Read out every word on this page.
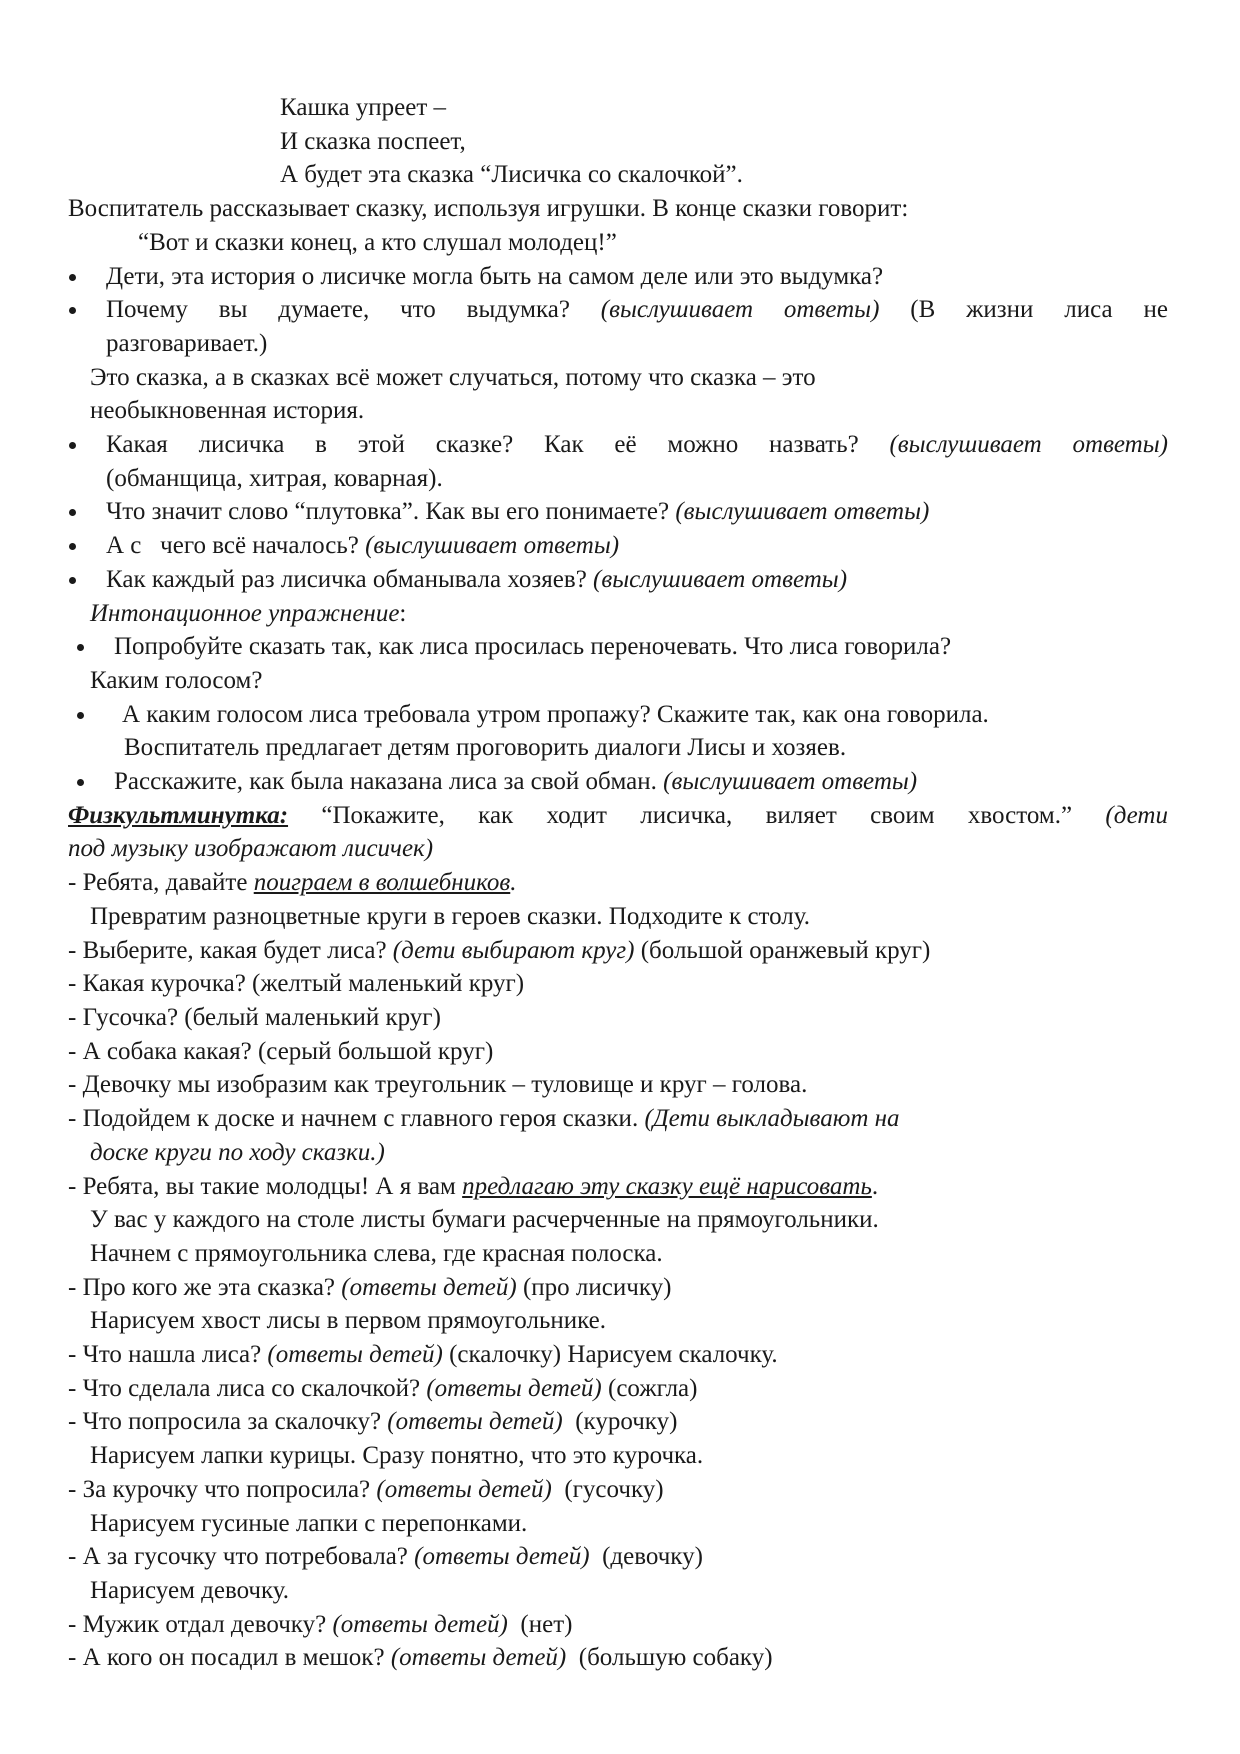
Кашка упреет –
И сказка поспеет,
А будет эта сказка “Лисичка со скалочкой”.
Воспитатель рассказывает сказку, используя игрушки. В конце сказки говорит:
“Вот и сказки конец, а кто слушал молодец!”
Дети, эта история о лисичке могла быть на самом деле или это выдумка?
Почему вы думаете, что выдумка? (выслушивает ответы) (В жизни лиса не
разговаривает.)
Это сказка, а в сказках всё может случаться, потому что сказка – это
необыкновенная история.
Какая лисичка в этой сказке? Как её можно назвать? (выслушивает ответы)
(обманщица, хитрая, коварная).
Что значит слово “плутовка”. Как вы его понимаете? (выслушивает ответы)
А с   чего всё началось? (выслушивает ответы)
Как каждый раз лисичка обманывала хозяев? (выслушивает ответы)
Интонационное упражнение:
Попробуйте сказать так, как лиса просилась переночевать. Что лиса говорила?
Каким голосом?
А каким голосом лиса требовала утром пропажу? Скажите так, как она говорила.
Воспитатель предлагает детям проговорить диалоги Лисы и хозяев.
Расскажите, как была наказана лиса за свой обман. (выслушивает ответы)
Физкультминутка: “Покажите, как ходит лисичка, виляет своим хвостом.” (дети
под музыку изображают лисичек)
- Ребята, давайте поиграем в волшебников.
Превратим разноцветные круги в героев сказки. Подходите к столу.
- Выберите, какая будет лиса? (дети выбирают круг) (большой оранжевый круг)
- Какая курочка? (желтый маленький круг)
- Гусочка? (белый маленький круг)
- А собака какая? (серый большой круг)
- Девочку мы изобразим как треугольник – туловище и круг – голова.
- Подойдем к доске и начнем с главного героя сказки. (Дети выкладывают на
доске круги по ходу сказки.)
- Ребята, вы такие молодцы! А я вам предлагаю эту сказку ещё нарисовать.
У вас у каждого на столе листы бумаги расчерченные на прямоугольники.
Начнем с прямоугольника слева, где красная полоска.
- Про кого же эта сказка? (ответы детей) (про лисичку)
Нарисуем хвост лисы в первом прямоугольнике.
- Что нашла лиса? (ответы детей) (скалочку) Нарисуем скалочку.
- Что сделала лиса со скалочкой? (ответы детей) (сожгла)
- Что попросила за скалочку? (ответы детей)  (курочку)
Нарисуем лапки курицы. Сразу понятно, что это курочка.
- За курочку что попросила? (ответы детей)  (гусочку)
Нарисуем гусиные лапки с перепонками.
- А за гусочку что потребовала? (ответы детей)  (девочку)
Нарисуем девочку.
- Мужик отдал девочку? (ответы детей)  (нет)
- А кого он посадил в мешок? (ответы детей)  (большую собаку)
